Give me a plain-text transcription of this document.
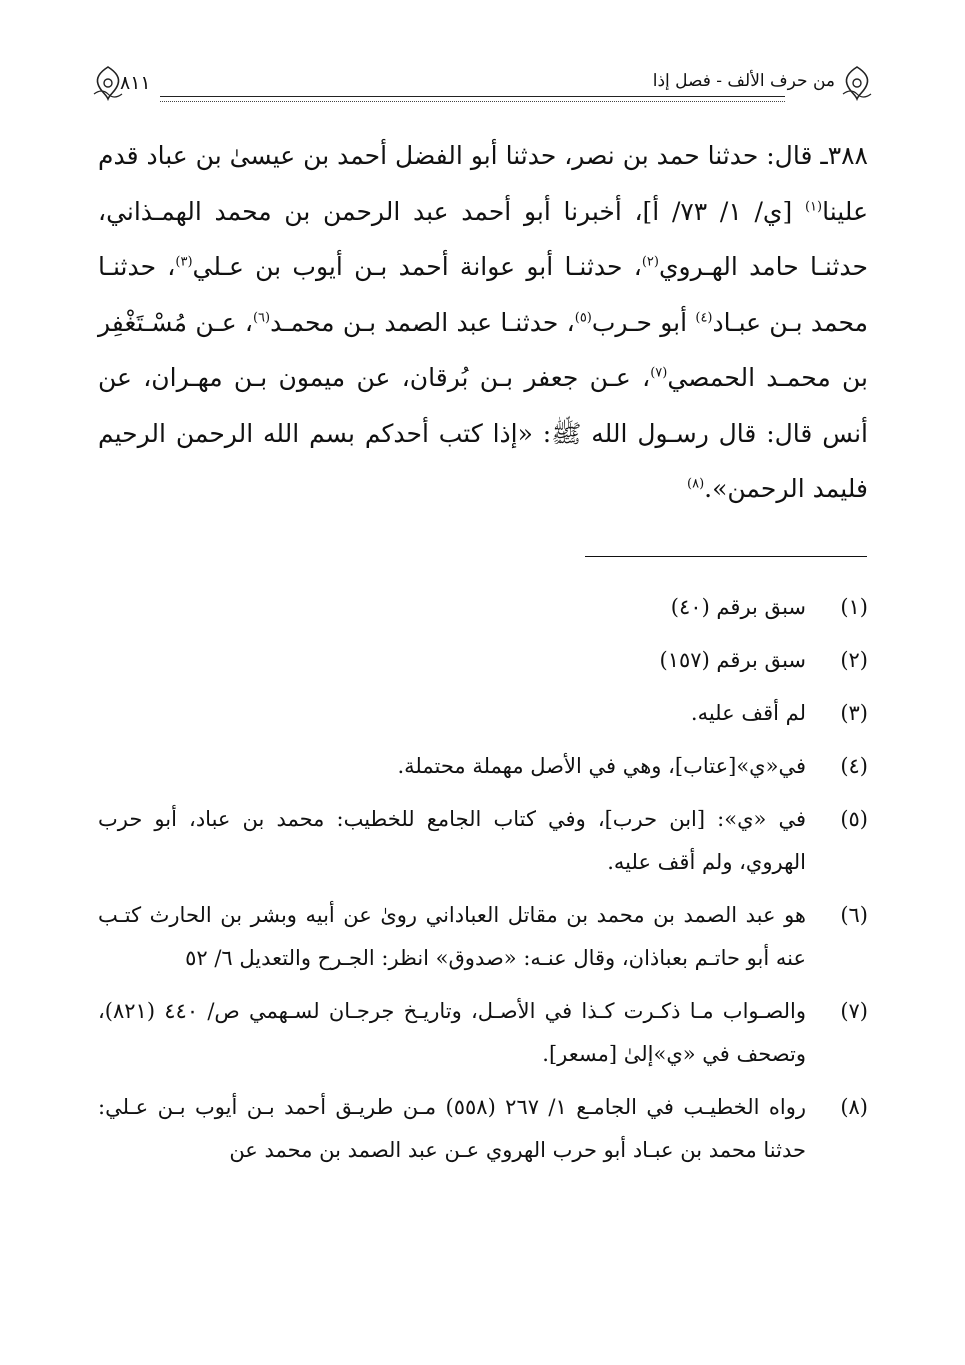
٨١١	من حرف الألف - فصل إذا

٣٨٨ـ قال: حدثنا حمد بن نصر، حدثنا أبو الفضل أحمد بن عيسىٰ بن عباد قدم علينا$^{(١)}$ [ي/ ١/ ٧٣/ أ]، أخبرنا أبو أحمد عبد الرحمن بن محمد الهمـذاني، حدثنـا حامد الهـروي$^{(٢)}$، حدثنـا أبو عوانة أحمد بـن أيوب بن عـلي$^{(٣)}$، حدثنـا محمد بـن عبـاد$^{(٤)}$ أبو حـرب$^{(٥)}$، حدثنـا عبد الصمد بـن محمـد$^{(٦)}$، عـن مُسْـتَغْفِر بن محمـد الحمصي$^{(٧)}$، عـن جعفر بـن بُرقان، عن ميمون بـن مهـران، عن أنس قال: قال رسـول الله ﷺ: «إذا كتب أحدكم بسم الله الرحمن الرحيم فليمد الرحمن».$^{(٨)}$

(١)
سبق برقم (٤٠)
(٢)
سبق برقم (١٥٧)
(٣)
لم أقف عليه.
(٤)
في«ي»[عتاب]، وهي في الأصل مهملة محتملة.
(٥)
في «ي»: [ابن حرب]، وفي كتاب الجامع للخطيب: محمد بن عباد، أبو حرب الهروي، ولم أقف عليه.
(٦)
هو عبد الصمد بن محمد بن مقاتل العباداني روىٰ عن أبيه وبشر بن الحارث كتـب عنه أبو حاتـم بعباذان، وقال عنـه: «صدوق» انظر: الجـرح والتعديل ٦/ ٥٢
(٧)
والصـواب مـا ذكـرت كـذا في الأصـل، وتاريـخ جرجـان لسـهمي ص/ ٤٤٠ (٨٢١)، وتصحف في «ي»إلىٰ [مسعر].
(٨)
رواه الخطيـب في الجامـع ١/ ٢٦٧ (٥٥٨) مـن طريـق أحمد بـن أيوب بـن عـلي: حدثنا محمد بن عبـاد أبو حرب الهروي عـن عبد الصمد بن محمد عن
